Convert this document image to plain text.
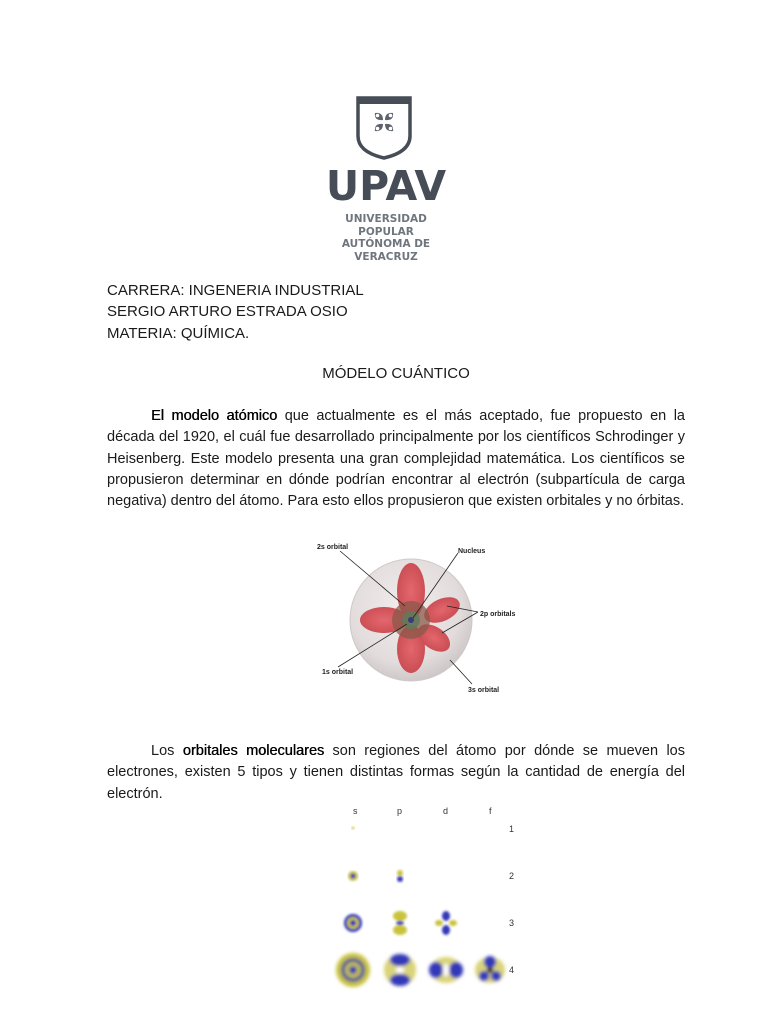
UPAV
UNIVERSIDAD POPULAR
AUTÓNOMA DE VERACRUZ
CARRERA: INGENERIA INDUSTRIAL
SERGIO ARTURO ESTRADA OSIO
MATERIA: QUÍMICA.
MÓDELO CUÁNTICO
El modelo atómico que actualmente es el más aceptado, fue propuesto en la década del 1920, el cuál fue desarrollado principalmente por los científicos Schrodinger y Heisenberg. Este modelo presenta una gran complejidad matemática. Los científicos se propusieron determinar en dónde podrían encontrar al electrón (subpartícula de carga negativa) dentro del átomo. Para esto ellos propusieron que existen orbitales y no órbitas.
2s orbital
Nucleus
2p orbitals
1s orbital
3s orbital
Los orbitales moleculares son regiones del átomo por dónde se mueven los electrones, existen 5 tipos y tienen distintas formas según la cantidad de energía del electrón.
s	p	d	f
1
2
3
4
